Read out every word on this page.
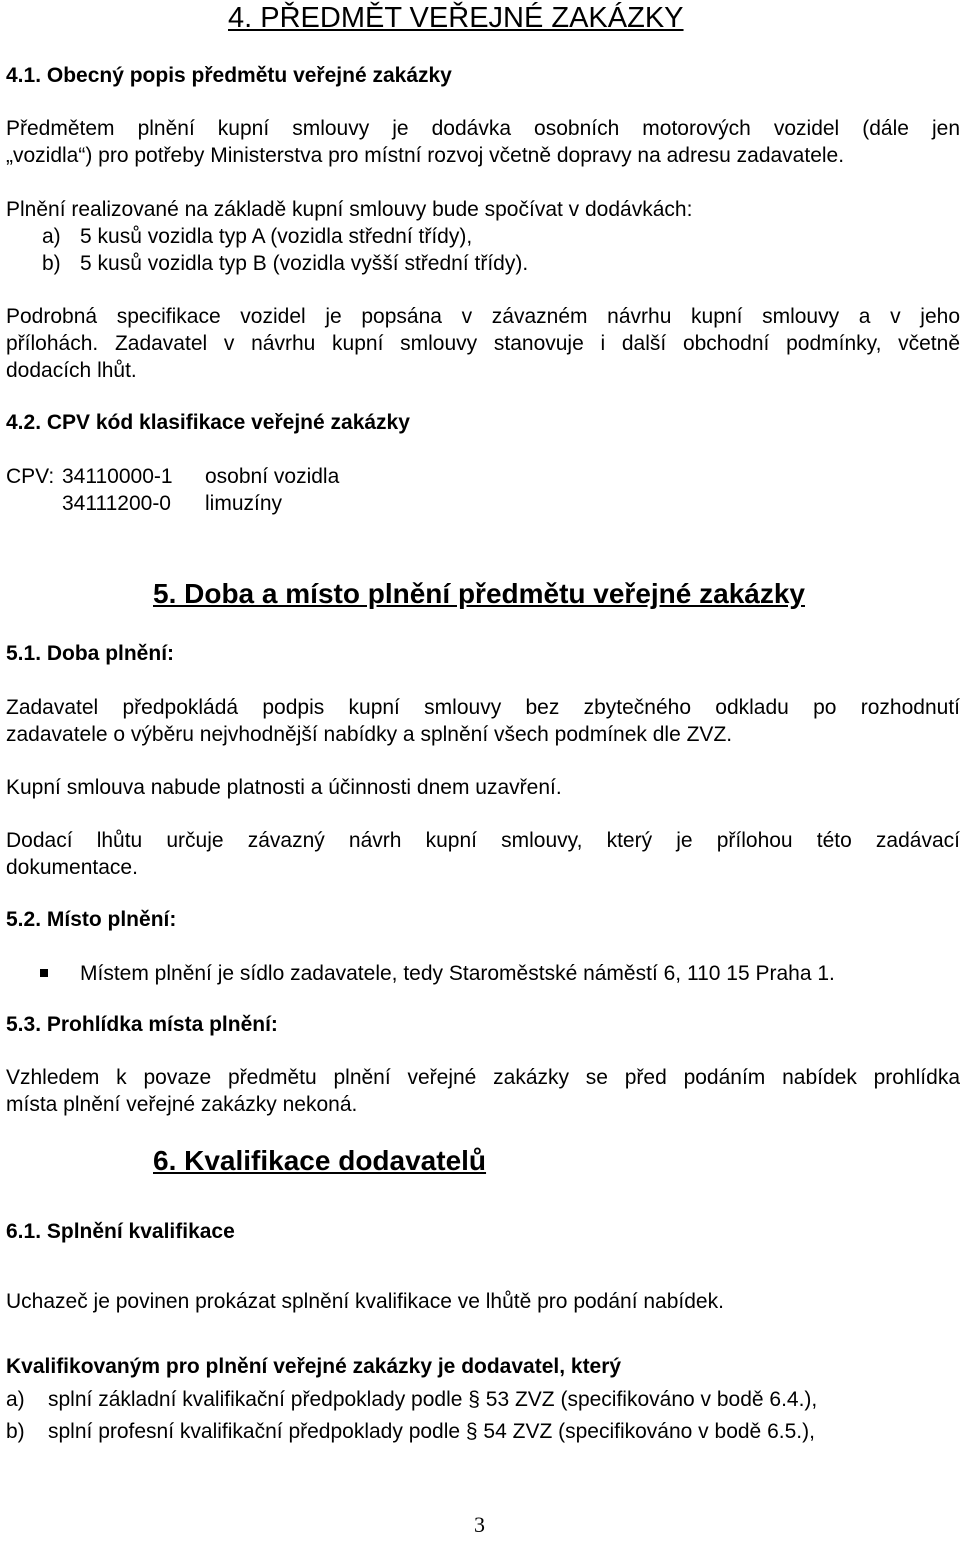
4. PŘEDMĚT VEŘEJNÉ ZAKÁZKY
4.1. Obecný popis předmětu veřejné zakázky
Předmětem plnění kupní smlouvy je dodávka osobních motorových vozidel (dále jen
„vozidla“) pro potřeby Ministerstva pro místní rozvoj včetně dopravy na adresu zadavatele.
Plnění realizované na základě kupní smlouvy bude spočívat v dodávkách:
a) 5 kusů vozidla typ A (vozidla střední třídy),
b) 5 kusů vozidla typ B (vozidla vyšší střední třídy).
Podrobná specifikace vozidel je popsána v závazném návrhu kupní smlouvy a v jeho
přílohách. Zadavatel v návrhu kupní smlouvy stanovuje i další obchodní podmínky, včetně
dodacích lhůt.
4.2. CPV kód klasifikace veřejné zakázky
CPV: 34110000-1 osobní vozidla
34111200-0 limuzíny
5. Doba a místo plnění předmětu veřejné zakázky
5.1. Doba plnění:
Zadavatel předpokládá podpis kupní smlouvy bez zbytečného odkladu po rozhodnutí
zadavatele o výběru nejvhodnější nabídky a splnění všech podmínek dle ZVZ.
Kupní smlouva nabude platnosti a účinnosti dnem uzavření.
Dodací lhůtu určuje závazný návrh kupní smlouvy, který je přílohou této zadávací
dokumentace.
5.2. Místo plnění:
Místem plnění je sídlo zadavatele, tedy Staroměstské náměstí 6, 110 15 Praha 1.
5.3. Prohlídka místa plnění:
Vzhledem k povaze předmětu plnění veřejné zakázky se před podáním nabídek prohlídka
místa plnění veřejné zakázky nekoná.
6. Kvalifikace dodavatelů
6.1. Splnění kvalifikace
Uchazeč je povinen prokázat splnění kvalifikace ve lhůtě pro podání nabídek.
Kvalifikovaným pro plnění veřejné zakázky je dodavatel, který
a) splní základní kvalifikační předpoklady podle § 53 ZVZ (specifikováno v bodě 6.4.),
b) splní profesní kvalifikační předpoklady podle § 54 ZVZ (specifikováno v bodě 6.5.),
3
